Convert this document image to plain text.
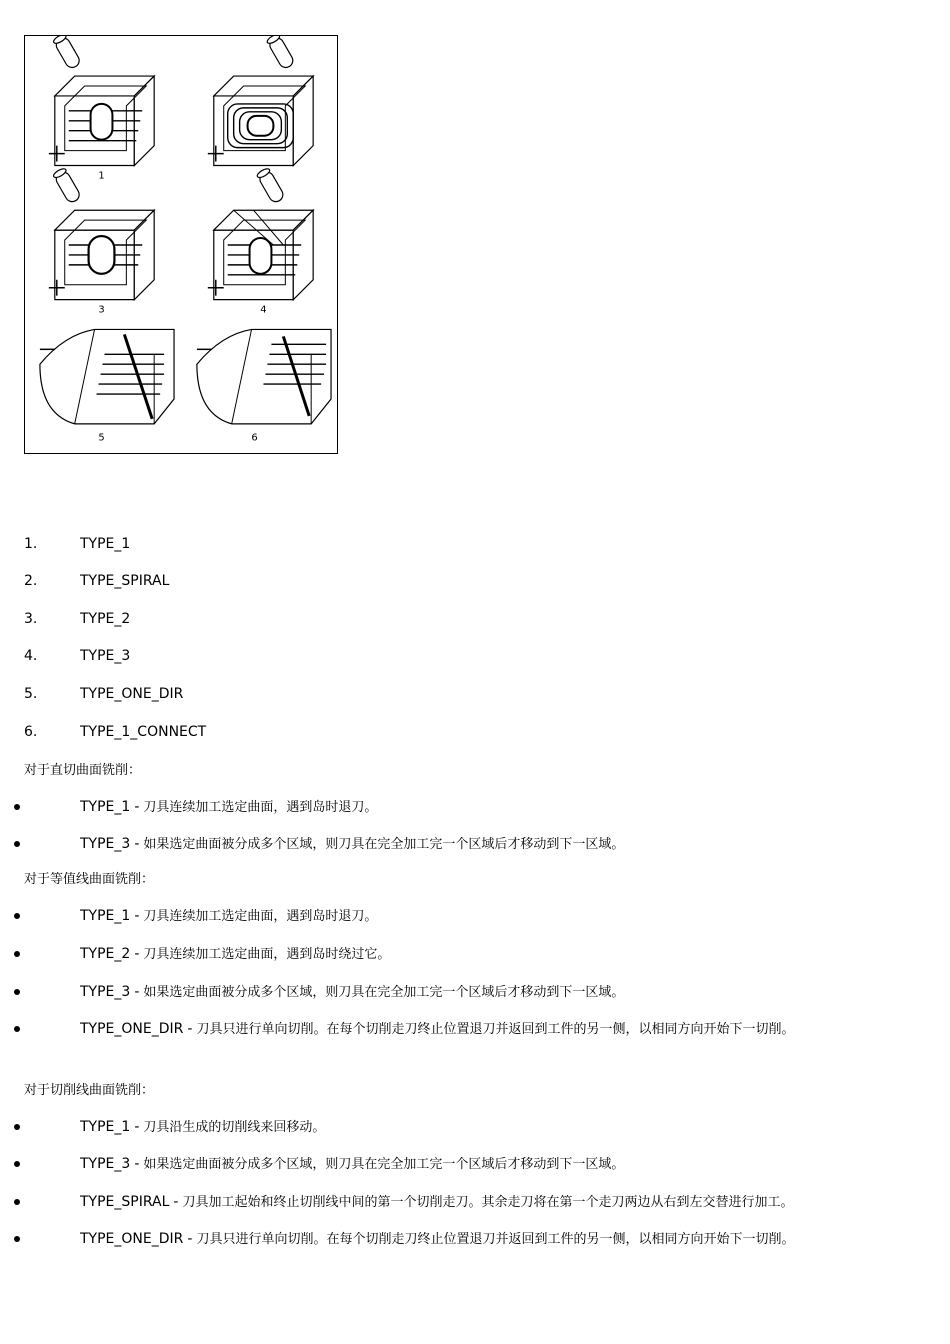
1
3	4
5	6
1.	TYPE_1
2.	TYPE_SPIRAL
3.	TYPE_2
4.	TYPE_3
5.	TYPE_ONE_DIR
6.	TYPE_1_CONNECT
对于直切曲面铣削：
TYPE_1 - 刀具连续加工选定曲面，遇到岛时退刀。
TYPE_3 - 如果选定曲面被分成多个区域，则刀具在完全加工完一个区域后才移动到下一区域。
对于等值线曲面铣削：
TYPE_1 - 刀具连续加工选定曲面，遇到岛时退刀。
TYPE_2 - 刀具连续加工选定曲面，遇到岛时绕过它。
TYPE_3 - 如果选定曲面被分成多个区域，则刀具在完全加工完一个区域后才移动到下一区域。
TYPE_ONE_DIR - 刀具只进行单向切削。在每个切削走刀终止位置退刀并返回到工件的另一侧，以相同方向开始下一切削。
对于切削线曲面铣削：
TYPE_1 - 刀具沿生成的切削线来回移动。
TYPE_3 - 如果选定曲面被分成多个区域，则刀具在完全加工完一个区域后才移动到下一区域。
TYPE_SPIRAL - 刀具加工起始和终止切削线中间的第一个切削走刀。其余走刀将在第一个走刀两边从右到左交替进行加工。
TYPE_ONE_DIR - 刀具只进行单向切削。在每个切削走刀终止位置退刀并返回到工件的另一侧，以相同方向开始下一切削。
